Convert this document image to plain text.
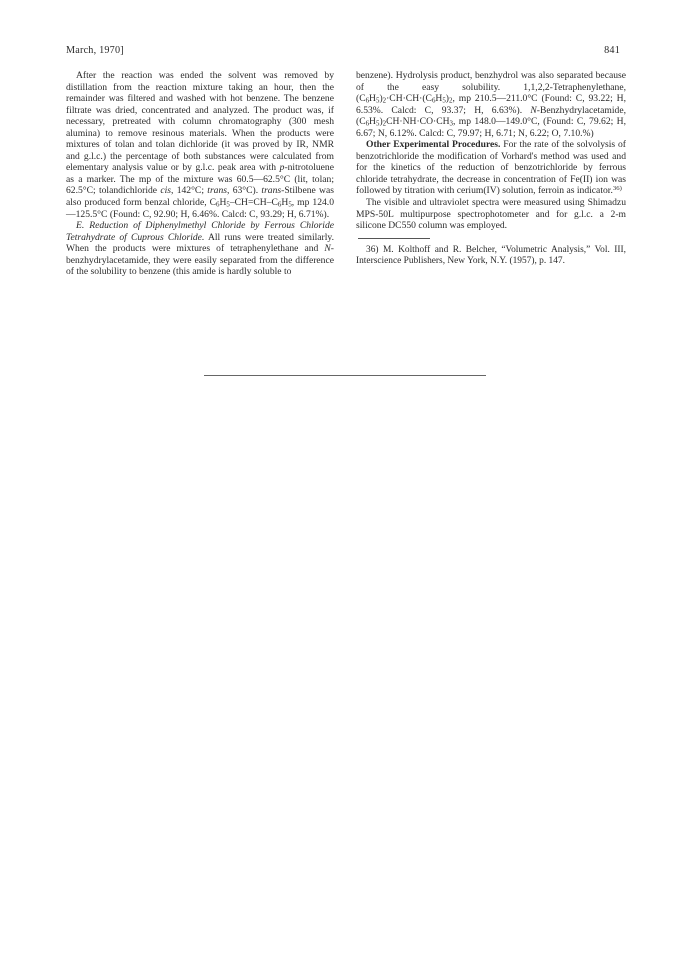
March, 1970]	841

After the reaction was ended the solvent was removed by distillation from the reaction mixture taking an hour, then the remainder was filtered and washed with hot benzene. The benzene filtrate was dried, concentrated and analyzed. The product was, if necessary, pretreated with column chromatography (300 mesh alumina) to remove resinous materials. When the products were mixtures of tolan and tolan dichloride (it was proved by IR, NMR and g.l.c.) the percentage of both substances were calculated from elementary analysis value or by g.l.c. peak area with p-nitrotoluene as a marker. The mp of the mixture was 60.5—62.5°C (lit, tolan; 62.5°C; tolandichloride cis, 142°C; trans, 63°C). trans-Stilbene was also produced form benzal chloride, $C_6H_5-CH=CH-C_6H_5$, mp 124.0—125.5°C (Found: C, 92.90; H, 6.46%. Calcd: C, 93.29; H, 6.71%).

E. Reduction of Diphenylmethyl Chloride by Ferrous Chloride Tetrahydrate of Cuprous Chloride. All runs were treated similarly. When the products were mixtures of tetraphenylethane and N-benzhydrylacetamide, they were easily separated from the difference of the solubility to benzene (this amide is hardly soluble to

benzene). Hydrolysis product, benzhydrol was also separated because of the easy solubility. 1,1,2,2-Tetraphenylethane, $(C_6H_5)_2\cdot CH\cdot CH\cdot(C_6H_5)_2$, mp 210.5—211.0°C (Found: C, 93.22; H, 6.53%. Calcd: C, 93.37; H, 6.63%). N-Benzhydrylacetamide, $(C_6H_5)_2CH\cdot NH\cdot CO\cdot CH_3$, mp 148.0—149.0°C, (Found: C, 79.62; H, 6.67; N, 6.12%. Calcd: C, 79.97; H, 6.71; N, 6.22; O, 7.10.%)

Other Experimental Procedures. For the rate of the solvolysis of benzotrichloride the modification of Vorhard's method was used and for the kinetics of the reduction of benzotrichloride by ferrous chloride tetrahydrate, the decrease in concentration of Fe(II) ion was followed by titration with cerium(IV) solution, ferroin as indicator.$^{36)}$

The visible and ultraviolet spectra were measured using Shimadzu MPS-50L multipurpose spectrophotometer and for g.l.c. a 2-m silicone DC550 column was employed.

36) M. Kolthoff and R. Belcher, “Volumetric Analysis,” Vol. III, Interscience Publishers, New York, N.Y. (1957), p. 147.
